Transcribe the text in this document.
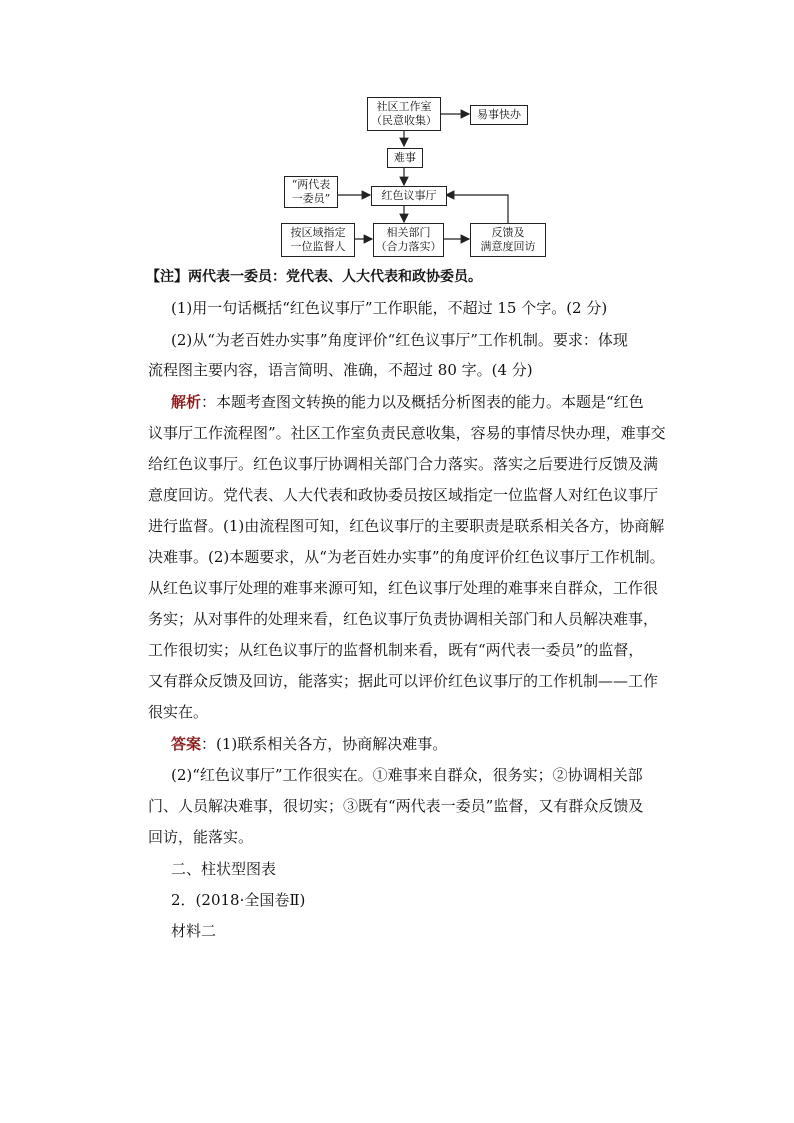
社区工作室
（民意收集）	易事快办
难事
“两代表
一委员”	红色议事厅
按区域指定
一位监督人
相关部门
（合力落实）
反馈及
满意度回访
【注】两代表一委员：党代表、人大代表和政协委员。
(1)用一句话概括“红色议事厅”工作职能，不超过 15 个字。(2 分)
(2)从“为老百姓办实事”角度评价“红色议事厅”工作机制。要求：体现
流程图主要内容，语言简明、准确，不超过 80 字。(4 分)
解析：本题考查图文转换的能力以及概括分析图表的能力。本题是“红色
议事厅工作流程图”。社区工作室负责民意收集，容易的事情尽快办理，难事交
给红色议事厅。红色议事厅协调相关部门合力落实。落实之后要进行反馈及满
意度回访。党代表、人大代表和政协委员按区域指定一位监督人对红色议事厅
进行监督。(1)由流程图可知，红色议事厅的主要职责是联系相关各方，协商解
决难事。(2)本题要求，从“为老百姓办实事”的角度评价红色议事厅工作机制。
从红色议事厅处理的难事来源可知，红色议事厅处理的难事来自群众，工作很
务实；从对事件的处理来看，红色议事厅负责协调相关部门和人员解决难事，
工作很切实；从红色议事厅的监督机制来看，既有“两代表一委员”的监督，
又有群众反馈及回访，能落实；据此可以评价红色议事厅的工作机制——工作
很实在。
答案：(1)联系相关各方，协商解决难事。
(2)“红色议事厅”工作很实在。①难事来自群众，很务实；②协调相关部
门、人员解决难事，很切实；③既有“两代表一委员”监督，又有群众反馈及
回访，能落实。
二、柱状型图表
2．(2018·全国卷Ⅱ)
材料二
